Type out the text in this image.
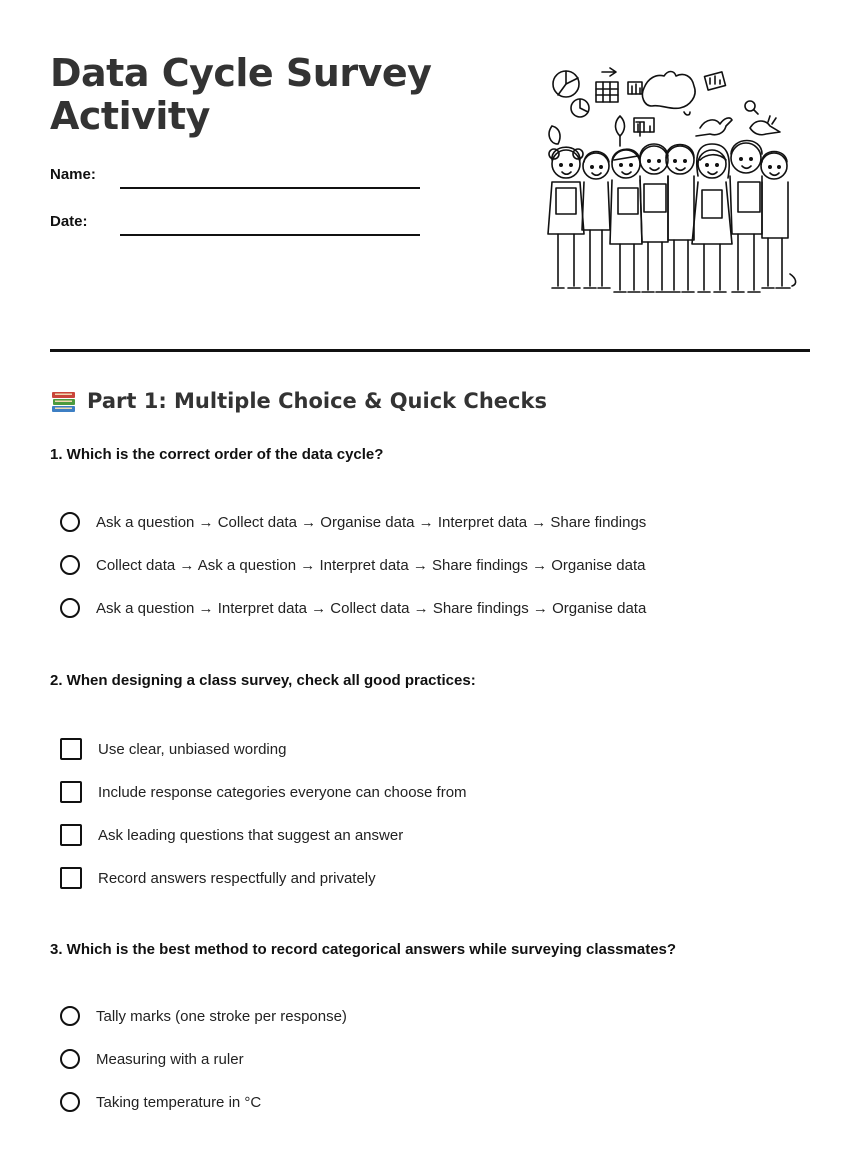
Data Cycle Survey Activity
Name:
Date:
Part 1: Multiple Choice & Quick Checks

1. Which is the correct order of the data cycle?

Ask a question → Collect data → Organise data → Interpret data → Share findings
Collect data → Ask a question → Interpret data → Share findings → Organise data
Ask a question → Interpret data → Collect data → Share findings → Organise data

2. When designing a class survey, check all good practices:

Use clear, unbiased wording
Include response categories everyone can choose from
Ask leading questions that suggest an answer
Record answers respectfully and privately

3. Which is the best method to record categorical answers while surveying classmates?

Tally marks (one stroke per response)
Measuring with a ruler
Taking temperature in °C
